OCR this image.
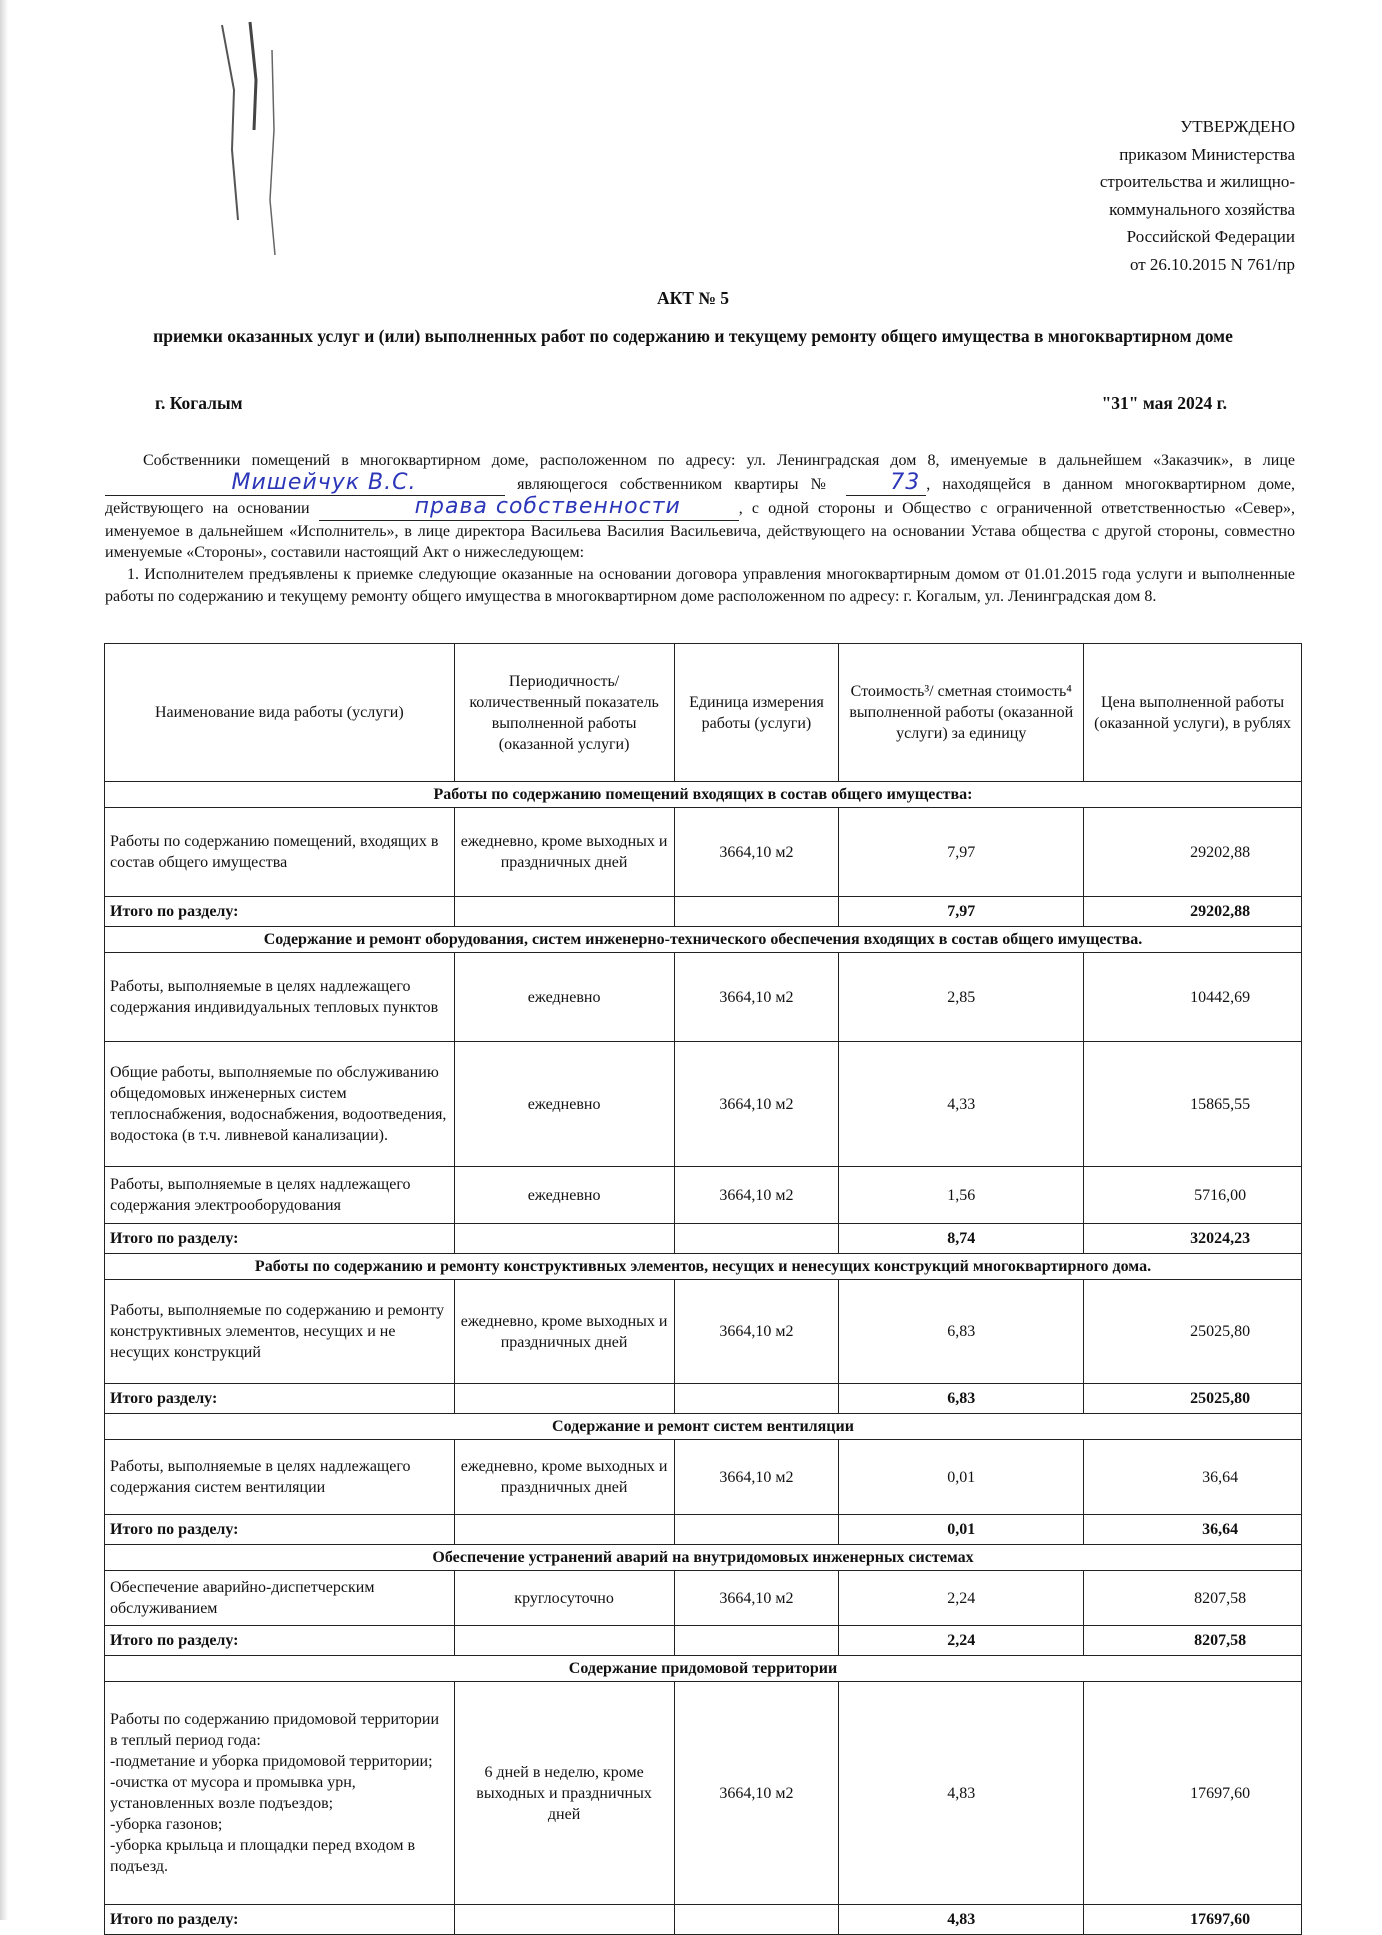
УТВЕРЖДЕНО
приказом Министерства
строительства и жилищно-
коммунального хозяйства
Российской Федерации
от 26.10.2015 N 761/пр
АКТ № 5
приемки оказанных услуг и (или) выполненных работ по содержанию и текущему ремонту общего имущества в многоквартирном доме
г. Когалым	"31" мая 2024 г.

Собственники помещений в многоквартирном доме, расположенном по адресу: ул. Ленинградская дом 8, именуемые в дальнейшем «Заказчик», в лице Мишейчук В.С.	являющегося собственником квартиры №	73 , находящейся в данном многоквартирном доме, действующего на основании	права собственности	, с одной стороны и Общество с ограниченной ответственностью «Север», именуемое в дальнейшем «Исполнитель», в лице директора Васильева Василия Васильевича, действующего на основании Устава общества с другой стороны, совместно именуемые «Стороны», составили настоящий Акт о нижеследующем:

1. Исполнителем предъявлены к приемке следующие оказанные на основании договора управления многоквартирным домом от 01.01.2015 года услуги и выполненные работы по содержанию и текущему ремонту общего имущества в многоквартирном доме расположенном по адресу: г. Когалым, ул. Ленинградская дом 8.

Наименование вида работы (услуги)	Периодичность/ количественный показатель выполненной работы (оказанной услуги)	Единица измерения работы (услуги)	Стоимость³/ сметная стоимость⁴ выполненной работы (оказанной услуги) за единицу	Цена выполненной работы (оказанной услуги), в рублях
Работы по содержанию помещений входящих в состав общего имущества:				
Работы по содержанию помещений, входящих в состав общего имущества	ежедневно, кроме выходных и праздничных дней	3664,10 м2	7,97	29202,88
Итого по разделу:			7,97	29202,88
Содержание и ремонт оборудования, систем инженерно-технического обеспечения входящих в состав общего имущества.				
Работы, выполняемые в целях надлежащего содержания индивидуальных тепловых пунктов	ежедневно	3664,10 м2	2,85	10442,69
Общие работы, выполняемые по обслуживанию общедомовых инженерных систем теплоснабжения, водоснабжения, водоотведения, водостока (в т.ч. ливневой канализации).	ежедневно	3664,10 м2	4,33	15865,55
Работы, выполняемые в целях надлежащего содержания электрооборудования	ежедневно	3664,10 м2	1,56	5716,00
Итого по разделу:			8,74	32024,23
Работы по содержанию и ремонту конструктивных элементов, несущих и ненесущих конструкций многоквартирного дома.				
Работы, выполняемые по содержанию и ремонту конструктивных элементов, несущих и не несущих конструкций	ежедневно, кроме выходных и праздничных дней	3664,10 м2	6,83	25025,80
Итого разделу:			6,83	25025,80
Содержание и ремонт систем вентиляции				
Работы, выполняемые в целях надлежащего содержания систем вентиляции	ежедневно, кроме выходных и праздничных дней	3664,10 м2	0,01	36,64
Итого по разделу:			0,01	36,64
Обеспечение устранений аварий на внутридомовых инженерных системах				
Обеспечение аварийно-диспетчерским обслуживанием	круглосуточно	3664,10 м2	2,24	8207,58
Итого по разделу:			2,24	8207,58
Содержание придомовой территории				
Работы по содержанию придомовой территории в теплый период года:
-подметание и уборка придомовой территории;
-очистка от мусора и промывка урн, установленных возле подъездов;
-уборка газонов;
-уборка крыльца и площадки перед входом в подъезд.	6 дней в неделю, кроме выходных и праздничных дней	3664,10 м2	4,83	17697,60
Итого по разделу:			4,83	17697,60
